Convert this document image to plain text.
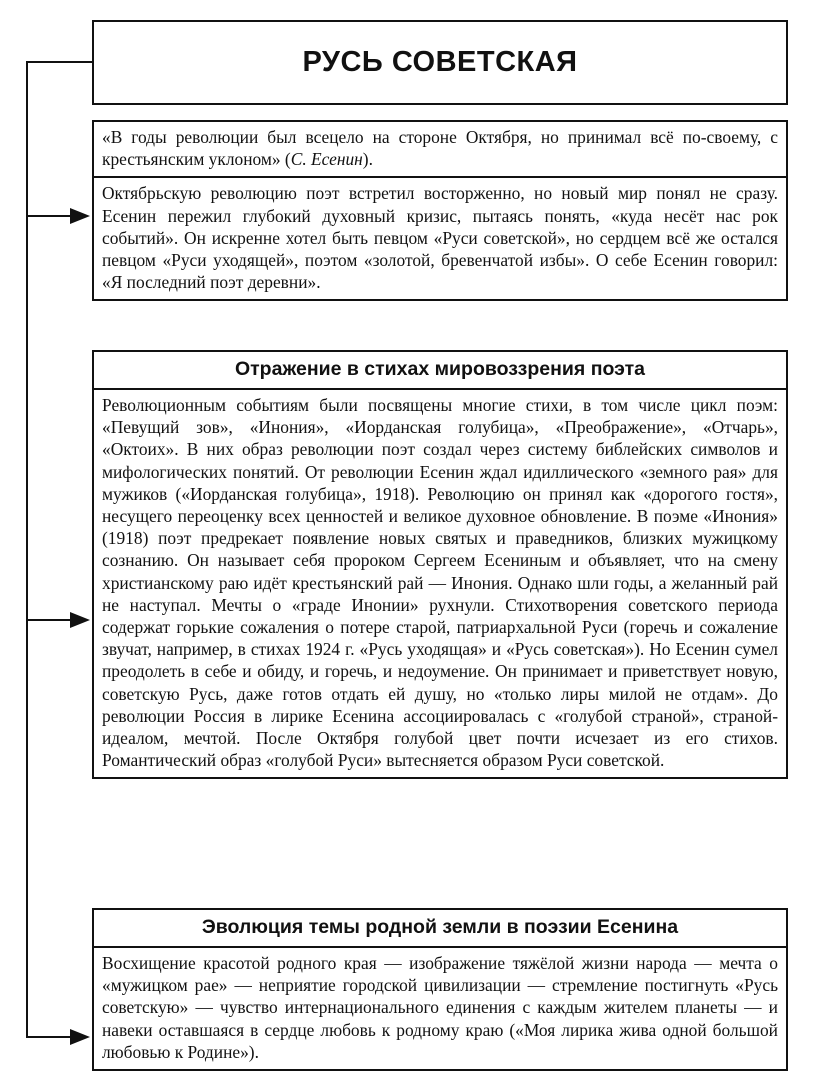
РУСЬ СОВЕТСКАЯ
«В годы революции был всецело на стороне Октября, но принимал всё по-своему, с крестьянским уклоном» (С. Есенин).
Октябрьскую революцию поэт встретил восторженно, но новый мир понял не сразу. Есенин пережил глубокий духовный кризис, пытаясь понять, «куда несёт нас рок событий». Он искренне хотел быть певцом «Руси советской», но сердцем всё же остался певцом «Руси уходящей», поэтом «золотой, бревенчатой избы». О себе Есенин говорил: «Я последний поэт деревни».
Отражение в стихах мировоззрения поэта
Революционным событиям были посвящены многие стихи, в том числе цикл поэм: «Певущий зов», «Инония», «Иорданская голубица», «Преображение», «Отчарь», «Октоих». В них образ революции поэт создал через систему библейских символов и мифологических понятий. От революции Есенин ждал идиллического «земного рая» для мужиков («Иорданская голубица», 1918). Революцию он принял как «дорогого гостя», несущего переоценку всех ценностей и великое духовное обновление. В поэме «Инония» (1918) поэт предрекает появление новых святых и праведников, близких мужицкому сознанию. Он называет себя пророком Сергеем Есениным и объявляет, что на смену христианскому раю идёт крестьянский рай — Инония. Однако шли годы, а желанный рай не наступал. Мечты о «граде Инонии» рухнули. Стихотворения советского периода содержат горькие сожаления о потере старой, патриархальной Руси (горечь и сожаление звучат, например, в стихах 1924 г. «Русь уходящая» и «Русь советская»). Но Есенин сумел преодолеть в себе и обиду, и горечь, и недоумение. Он принимает и приветствует новую, советскую Русь, даже готов отдать ей душу, но «только лиры милой не отдам». До революции Россия в лирике Есенина ассоциировалась с «голубой страной», страной-идеалом, мечтой. После Октября голубой цвет почти исчезает из его стихов. Романтический образ «голубой Руси» вытесняется образом Руси советской.
Эволюция темы родной земли в поэзии Есенина
Восхищение красотой родного края — изображение тяжёлой жизни народа — мечта о «мужицком рае» — неприятие городской цивилизации — стремление постигнуть «Русь советскую» — чувство интернационального единения с каждым жителем планеты — и навеки оставшаяся в сердце любовь к родному краю («Моя лирика жива одной большой любовью к Родине»).
